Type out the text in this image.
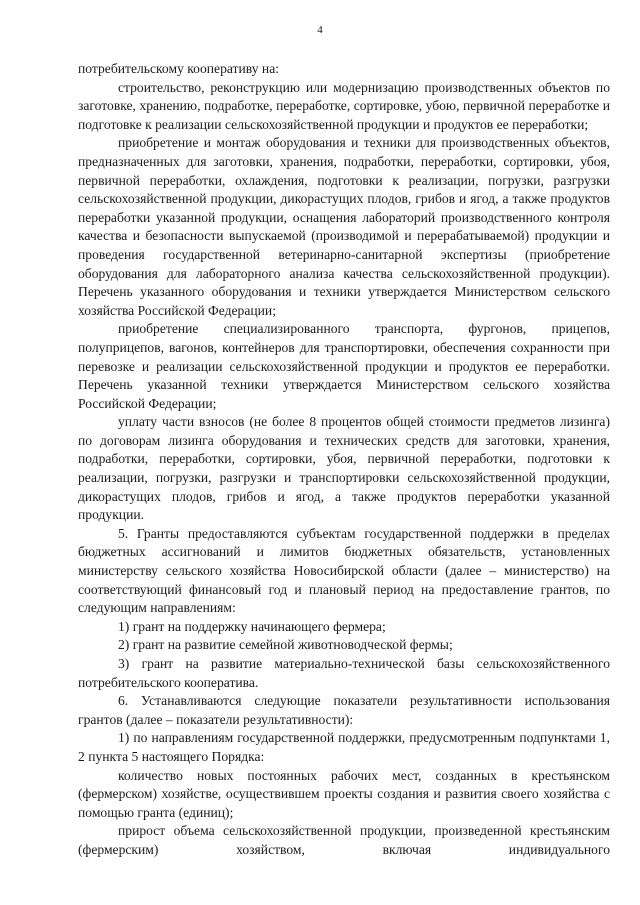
4

потребительскому кооперативу на:

строительство, реконструкцию или модернизацию производственных объектов по заготовке, хранению, подработке, переработке, сортировке, убою, первичной переработке и подготовке к реализации сельскохозяйственной продукции и продуктов ее переработки;

приобретение и монтаж оборудования и техники для производственных объектов, предназначенных для заготовки, хранения, подработки, переработки, сортировки, убоя, первичной переработки, охлаждения, подготовки к реализации, погрузки, разгрузки сельскохозяйственной продукции, дикорастущих плодов, грибов и ягод, а также продуктов переработки указанной продукции, оснащения лабораторий производственного контроля качества и безопасности выпускаемой (производимой и перерабатываемой) продукции и проведения государственной ветеринарно-санитарной экспертизы (приобретение оборудования для лабораторного анализа качества сельскохозяйственной продукции). Перечень указанного оборудования и техники утверждается Министерством сельского хозяйства Российской Федерации;

приобретение специализированного транспорта, фургонов, прицепов, полуприцепов, вагонов, контейнеров для транспортировки, обеспечения сохранности при перевозке и реализации сельскохозяйственной продукции и продуктов ее переработки. Перечень указанной техники утверждается Министерством сельского хозяйства Российской Федерации;

уплату части взносов (не более 8 процентов общей стоимости предметов лизинга) по договорам лизинга оборудования и технических средств для заготовки, хранения, подработки, переработки, сортировки, убоя, первичной переработки, подготовки к реализации, погрузки, разгрузки и транспортировки сельскохозяйственной продукции, дикорастущих плодов, грибов и ягод, а также продуктов переработки указанной продукции.

5. Гранты предоставляются субъектам государственной поддержки в пределах бюджетных ассигнований и лимитов бюджетных обязательств, установленных министерству сельского хозяйства Новосибирской области (далее – министерство) на соответствующий финансовый год и плановый период на предоставление грантов, по следующим направлениям:

1) грант на поддержку начинающего фермера;

2) грант на развитие семейной животноводческой фермы;

3) грант на развитие материально-технической базы сельскохозяйственного потребительского кооператива.

6. Устанавливаются следующие показатели результативности использования грантов (далее – показатели результативности):

1) по направлениям государственной поддержки, предусмотренным подпунктами 1, 2 пункта 5 настоящего Порядка:

количество новых постоянных рабочих мест, созданных в крестьянском (фермерском) хозяйстве, осуществившем проекты создания и развития своего хозяйства с помощью гранта (единиц);

прирост объема сельскохозяйственной продукции, произведенной крестьянским (фермерским) хозяйством, включая индивидуального
